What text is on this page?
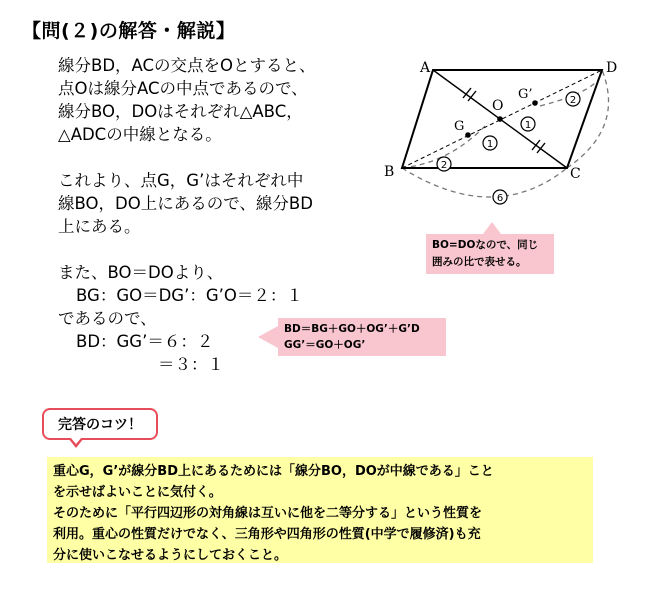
【問(２)の解答・解説】

線分BD，ACの交点をOとすると、

点Oは線分ACの中点であるので、

線分BO，DOはそれぞれ△ABC，

△ADCの中線となる。

これより、点G，G’はそれぞれ中

線BO，DO上にあるので、線分BD

上にある。

また、BO＝DOより、

BG：GO＝DG’：G’O＝２：１

であるので、

BD：GG’＝６：２

＝３：１

A	D
B	C
O
G
G’
1
1
2
2
6

BO=DOなので、同じ

囲みの比で表せる。

BD＝BG＋GO＋OG’＋G’D

GG’＝GO＋OG’

完答のコツ！

重心G，G’が線分BD上にあるためには「線分BO，DOが中線である」こと

を示せばよいことに気付く。

そのために「平行四辺形の対角線は互いに他を二等分する」という性質を

利用。重心の性質だけでなく、三角形や四角形の性質(中学で履修済)も充

分に使いこなせるようにしておくこと。
